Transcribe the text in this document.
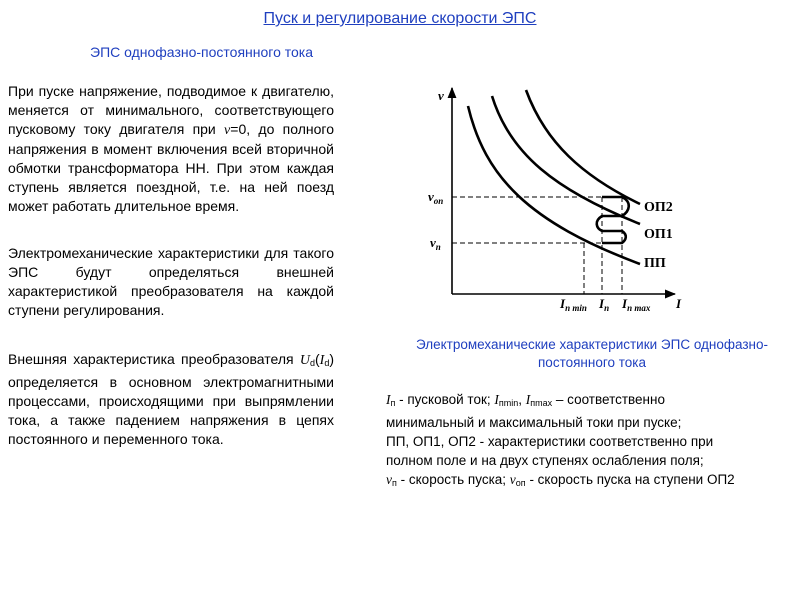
Пуск и регулирование скорости ЭПС
ЭПС однофазно-постоянного тока
При пуске напряжение, подводимое к двигателю, меняется от минимального, соответствующего пусковому току двигателя при v=0, до полного напряжения в момент включения всей вторичной обмотки трансформатора НН. При этом каждая ступень является поездной, т.е. на ней поезд может работать длительное время.
Электромеханические характеристики для такого ЭПС будут определяться внешней характеристикой преобразователя на каждой ступени регулирования.
Внешняя характеристика преобразователя $U_d(I_d)$ определяется в основном электромагнитными процессами, происходящими при выпрямлении тока, а также падением напряжения в цепях постоянного и переменного тока.
v
I
$v_{оп}$
$v_п$
$I_{п min}$ $I_п$ $I_{п max}$
ОП2
ОП1
ПП
Электромеханические характеристики ЭПС однофазно-
постоянного тока
$I_п$ - пусковой ток; $I_{пmin}$, $I_{пmax}$ – соответственно
минимальный и максимальный токи при пуске;
ПП, ОП1, ОП2 - характеристики соответственно при
полном поле и на двух ступенях ослабления поля;
$v_п$ - скорость пуска; $v_{оп}$ - скорость пуска на ступени ОП2
